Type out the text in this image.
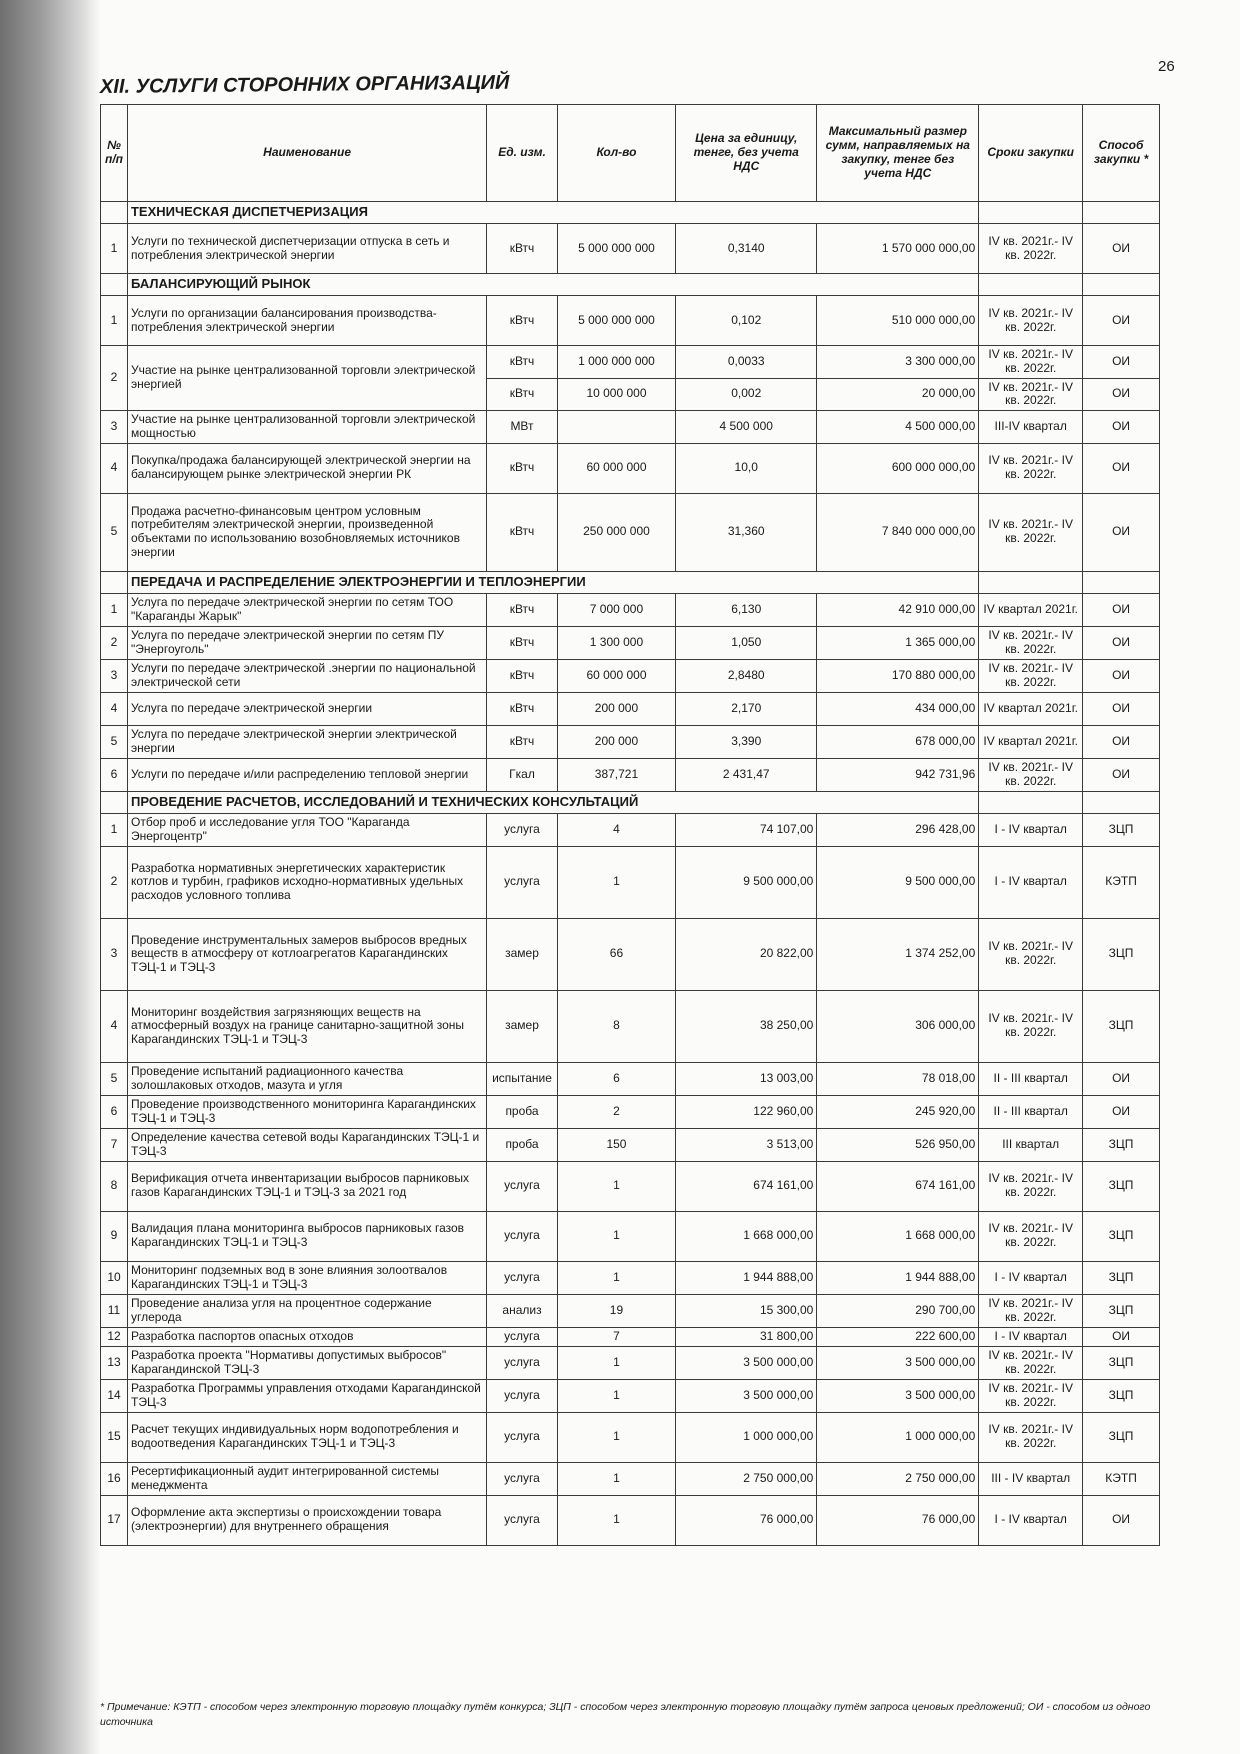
26
XII. УСЛУГИ СТОРОННИХ ОРГАНИЗАЦИЙ
№ п/п	Наименование	Ед. изм.	Кол-во	Цена за единицу, тенге, без учета НДС	Максимальный размер сумм, направляемых на закупку, тенге без учета НДС	Сроки закупки	Способ закупки *
	ТЕХНИЧЕСКАЯ ДИСПЕТЧЕРИЗАЦИЯ						
1	Услуги по технической диспетчеризации отпуска в сеть и потребления электрической энергии	кВтч	5 000 000 000	0,3140	1 570 000 000,00	IV кв. 2021г.- IV кв. 2022г.	ОИ
	БАЛАНСИРУЮЩИЙ РЫНОК						
1	Услуги по организации балансирования производства-потребления электрической энергии	кВтч	5 000 000 000	0,102	510 000 000,00	IV кв. 2021г.- IV кв. 2022г.	ОИ
2	Участие на рынке централизованной торговли электрической энергией	кВтч	1 000 000 000	0,0033	3 300 000,00	IV кв. 2021г.- IV кв. 2022г.	ОИ
		кВтч	10 000 000	0,002	20 000,00	IV кв. 2021г.- IV кв. 2022г.	ОИ
3	Участие на рынке централизованной торговли электрической мощностью	МВт		4 500 000	4 500 000,00	III-IV квартал	ОИ
4	Покупка/продажа балансирующей электрической энергии на балансирующем рынке электрической энергии РК	кВтч	60 000 000	10,0	600 000 000,00	IV кв. 2021г.- IV кв. 2022г.	ОИ
5	Продажа расчетно-финансовым центром условным потребителям электрической энергии, произведенной объектами по использованию возобновляемых источников энергии	кВтч	250 000 000	31,360	7 840 000 000,00	IV кв. 2021г.- IV кв. 2022г.	ОИ
	ПЕРЕДАЧА И РАСПРЕДЕЛЕНИЕ ЭЛЕКТРОЭНЕРГИИ И ТЕПЛОЭНЕРГИИ						
1	Услуга по передаче электрической энергии по сетям ТОО "Караганды Жарык"	кВтч	7 000 000	6,130	42 910 000,00	IV квартал 2021г.	ОИ
2	Услуга по передаче электрической энергии по сетям ПУ "Энергоуголь"	кВтч	1 300 000	1,050	1 365 000,00	IV кв. 2021г.- IV кв. 2022г.	ОИ
3	Услуги по передаче электрической .энергии по национальной электрической сети	кВтч	60 000 000	2,8480	170 880 000,00	IV кв. 2021г.- IV кв. 2022г.	ОИ
4	Услуга по передаче электрической энергии	кВтч	200 000	2,170	434 000,00	IV квартал 2021г.	ОИ
5	Услуга по передаче электрической энергии электрической энергии	кВтч	200 000	3,390	678 000,00	IV квартал 2021г.	ОИ
6	Услуги по передаче и/или распределению тепловой энергии	Гкал	387,721	2 431,47	942 731,96	IV кв. 2021г.- IV кв. 2022г.	ОИ
	ПРОВЕДЕНИЕ РАСЧЕТОВ, ИССЛЕДОВАНИЙ И ТЕХНИЧЕСКИХ КОНСУЛЬТАЦИЙ						
1	Отбор проб и исследование угля ТОО "Караганда Энергоцентр"	услуга	4	74 107,00	296 428,00	I - IV квартал	ЗЦП
2	Разработка нормативных энергетических характеристик котлов и турбин, графиков исходно-нормативных удельных расходов условного топлива	услуга	1	9 500 000,00	9 500 000,00	I - IV квартал	КЭТП
3	Проведение инструментальных замеров выбросов вредных веществ в атмосферу от котлоагрегатов Карагандинских ТЭЦ-1 и ТЭЦ-3	замер	66	20 822,00	1 374 252,00	IV кв. 2021г.- IV кв. 2022г.	ЗЦП
4	Мониторинг воздействия загрязняющих веществ на атмосферный воздух на границе санитарно-защитной зоны Карагандинских ТЭЦ-1 и ТЭЦ-3	замер	8	38 250,00	306 000,00	IV кв. 2021г.- IV кв. 2022г.	ЗЦП
5	Проведение испытаний радиационного качества золошлаковых отходов, мазута и угля	испытание	6	13 003,00	78 018,00	II - III квартал	ОИ
6	Проведение производственного мониторинга Карагандинских ТЭЦ-1 и ТЭЦ-3	проба	2	122 960,00	245 920,00	II - III квартал	ОИ
7	Определение качества сетевой воды Карагандинских ТЭЦ-1 и ТЭЦ-3	проба	150	3 513,00	526 950,00	III квартал	ЗЦП
8	Верификация отчета инвентаризации выбросов парниковых газов Карагандинских ТЭЦ-1 и ТЭЦ-3 за 2021 год	услуга	1	674 161,00	674 161,00	IV кв. 2021г.- IV кв. 2022г.	ЗЦП
9	Валидация плана мониторинга выбросов парниковых газов Карагандинских ТЭЦ-1 и ТЭЦ-3	услуга	1	1 668 000,00	1 668 000,00	IV кв. 2021г.- IV кв. 2022г.	ЗЦП
10	Мониторинг подземных вод в зоне влияния золоотвалов Карагандинских ТЭЦ-1 и ТЭЦ-3	услуга	1	1 944 888,00	1 944 888,00	I - IV квартал	ЗЦП
11	Проведение анализа угля на процентное содержание углерода	анализ	19	15 300,00	290 700,00	IV кв. 2021г.- IV кв. 2022г.	ЗЦП
12	Разработка паспортов опасных отходов	услуга	7	31 800,00	222 600,00	I - IV квартал	ОИ
13	Разработка проекта "Нормативы допустимых выбросов" Карагандинской ТЭЦ-3	услуга	1	3 500 000,00	3 500 000,00	IV кв. 2021г.- IV кв. 2022г.	ЗЦП
14	Разработка Программы управления отходами Карагандинской ТЭЦ-3	услуга	1	3 500 000,00	3 500 000,00	IV кв. 2021г.- IV кв. 2022г.	ЗЦП
15	Расчет текущих индивидуальных норм водопотребления и водоотведения Карагандинских ТЭЦ-1 и ТЭЦ-3	услуга	1	1 000 000,00	1 000 000,00	IV кв. 2021г.- IV кв. 2022г.	ЗЦП
16	Ресертификационный аудит интегрированной системы менеджмента	услуга	1	2 750 000,00	2 750 000,00	III - IV квартал	КЭТП
17	Оформление акта экспертизы о происхождении товара (электроэнергии) для внутреннего обращения	услуга	1	76 000,00	76 000,00	I - IV квартал	ОИ
* Примечание: КЭТП - способом через электронную торговую площадку путём конкурса; ЗЦП - способом через электронную торговую площадку путём запроса ценовых предложений; ОИ - способом из одного источника
